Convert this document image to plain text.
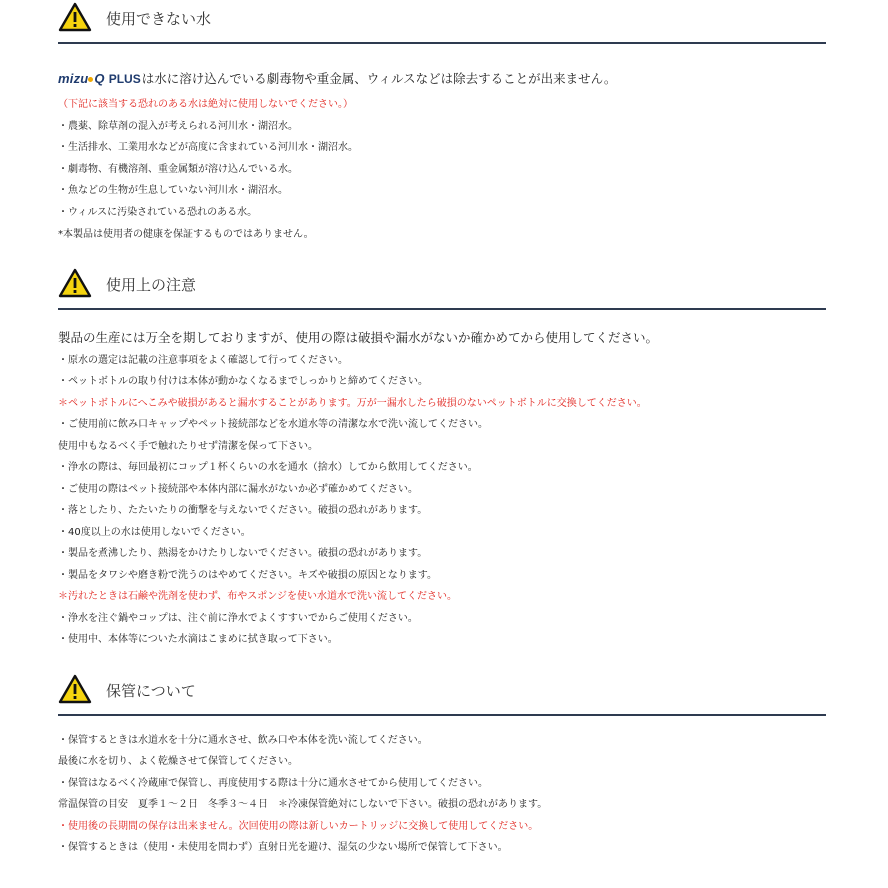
使用できない水
mizu Q PLUSは水に溶け込んでいる劇毒物や重金属、ウィルスなどは除去することが出来ません。
（下記に該当する恐れのある水は絶対に使用しないでください。）
・農薬、除草剤の混入が考えられる河川水・湖沼水。
・生活排水、工業用水などが高度に含まれている河川水・湖沼水。
・劇毒物、有機溶剤、重金属類が溶け込んでいる水。
・魚などの生物が生息していない河川水・湖沼水。
・ウィルスに汚染されている恐れのある水。
*本製品は使用者の健康を保証するものではありません。
使用上の注意
製品の生産には万全を期しておりますが、使用の際は破損や漏水がないか確かめてから使用してください。
・原水の選定は記載の注意事項をよく確認して行ってください。
・ペットボトルの取り付けは本体が動かなくなるまでしっかりと締めてください。
＊ペットボトルにへこみや破損があると漏水することがあります。万が一漏水したら破損のないペットボトルに交換してください。
・ご使用前に飲み口キャップやペット接続部などを水道水等の清潔な水で洗い流してください。
使用中もなるべく手で触れたりせず清潔を保って下さい。
・浄水の際は、毎回最初にコップ１杯くらいの水を通水（捨水）してから飲用してください。
・ご使用の際はペット接続部や本体内部に漏水がないか必ず確かめてください。
・落としたり、たたいたりの衝撃を与えないでください。破損の恐れがあります。
・40度以上の水は使用しないでください。
・製品を煮沸したり、熱湯をかけたりしないでください。破損の恐れがあります。
・製品をタワシや磨き粉で洗うのはやめてください。キズや破損の原因となります。
＊汚れたときは石鹸や洗剤を使わず、布やスポンジを使い水道水で洗い流してください。
・浄水を注ぐ鍋やコップは、注ぐ前に浄水でよくすすいでからご使用ください。
・使用中、本体等についた水滴はこまめに拭き取って下さい。
保管について
・保管するときは水道水を十分に通水させ、飲み口や本体を洗い流してください。
最後に水を切り、よく乾燥させて保管してください。
・保管はなるべく冷蔵庫で保管し、再度使用する際は十分に通水させてから使用してください。
常温保管の目安　夏季１～２日　冬季３～４日　＊冷凍保管絶対にしないで下さい。破損の恐れがあります。
・使用後の長期間の保存は出来ません。次回使用の際は新しいカートリッジに交換して使用してください。
・保管するときは（使用・未使用を問わず）直射日光を避け、湿気の少ない場所で保管して下さい。
